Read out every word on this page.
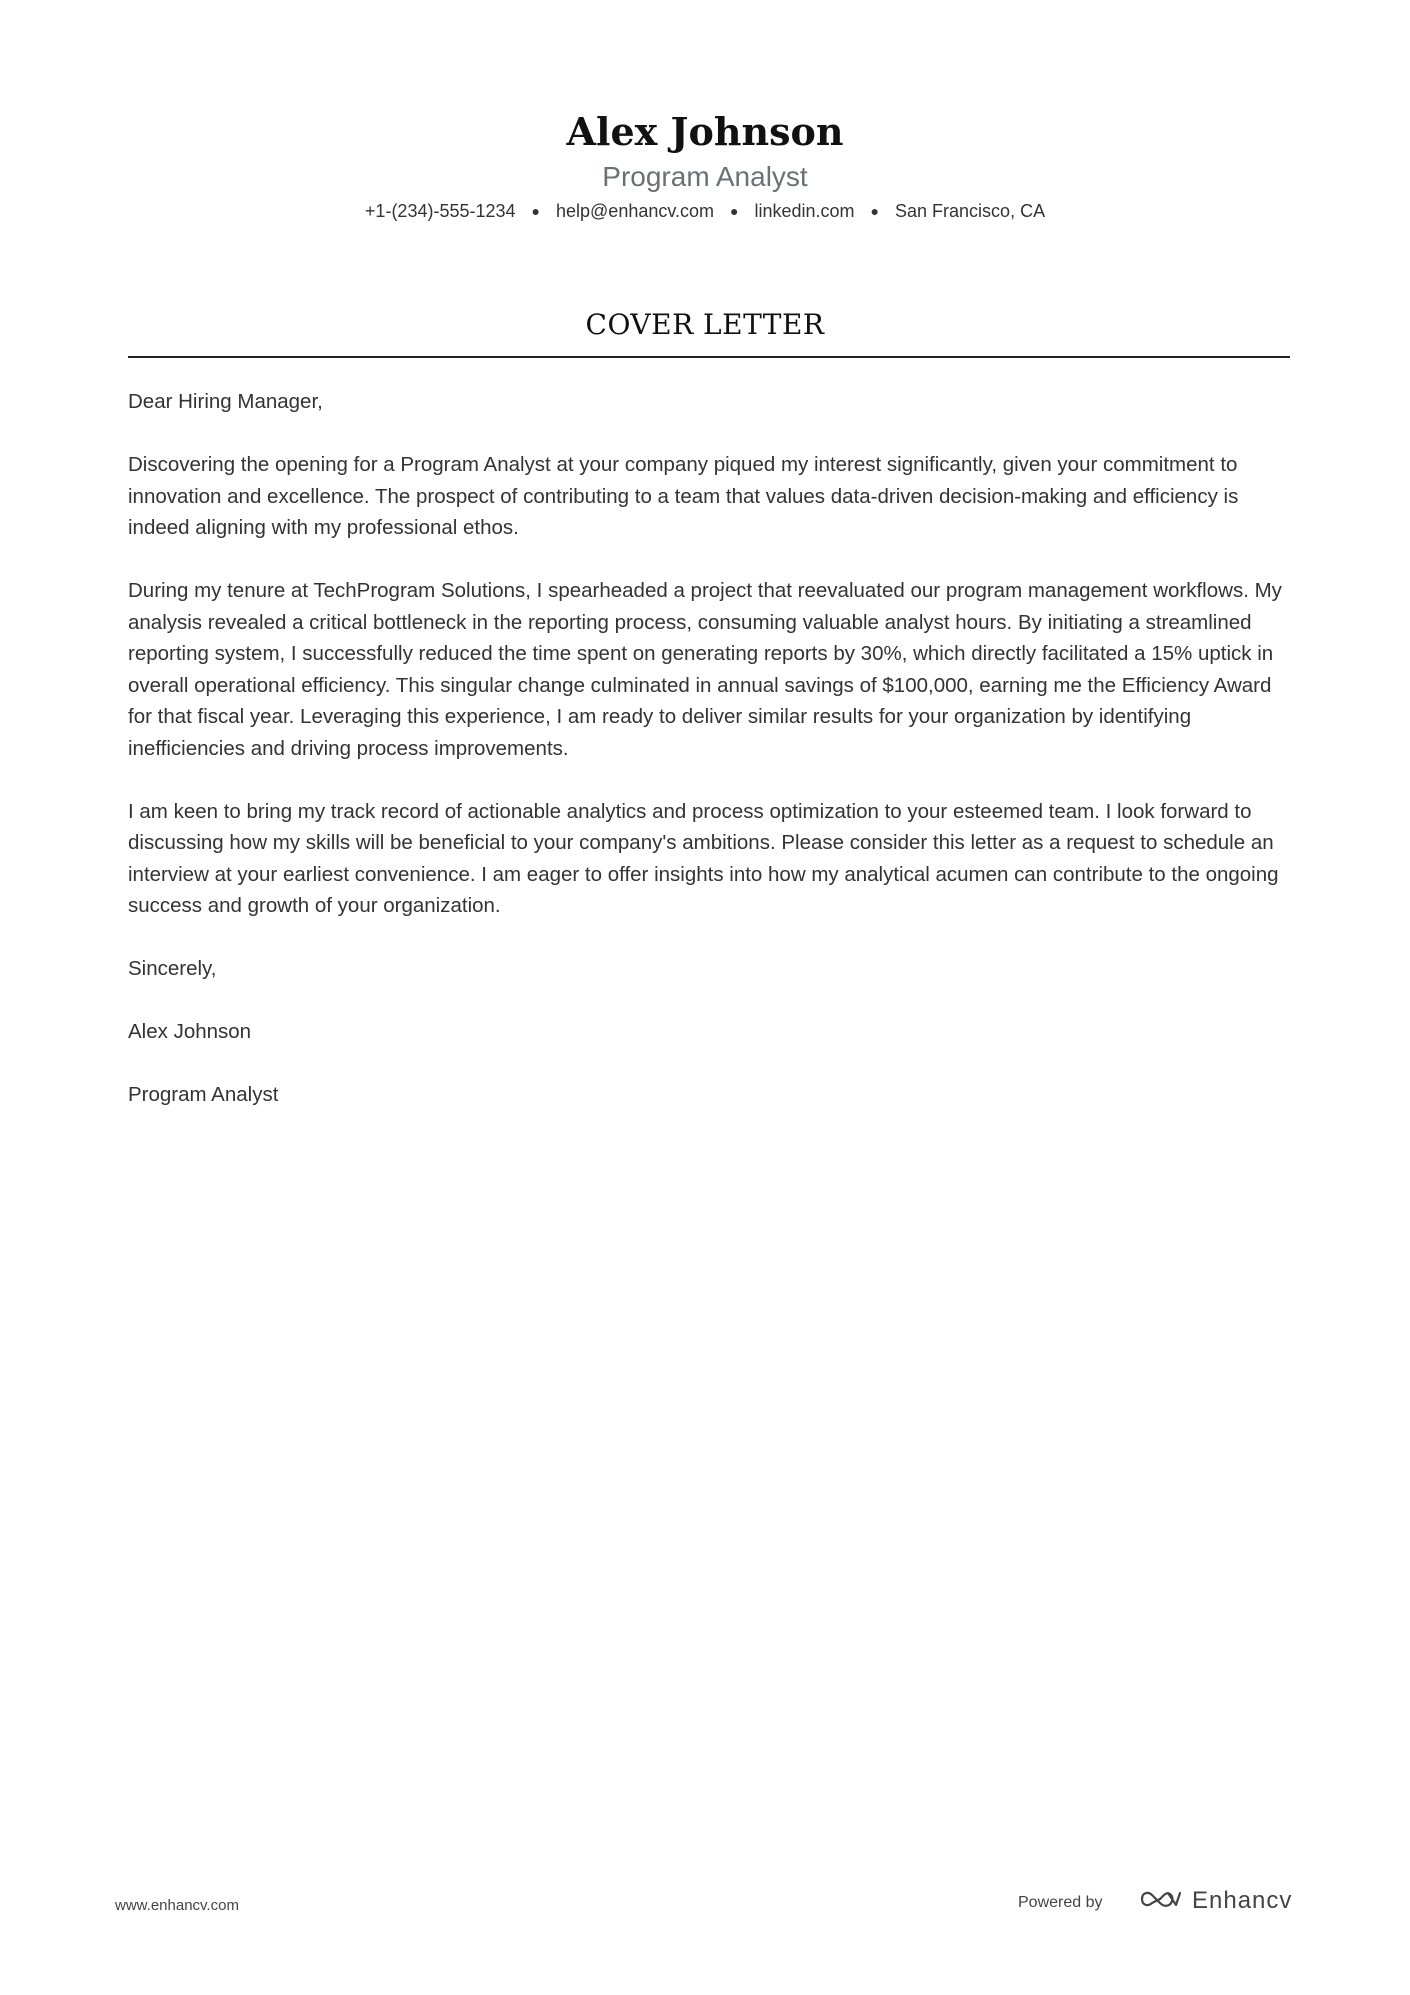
Alex Johnson
Program Analyst
+1-(234)-555-1234 ● help@enhancv.com ● linkedin.com ● San Francisco, CA
COVER LETTER

Dear Hiring Manager,

Discovering the opening for a Program Analyst at your company piqued my interest significantly, given your commitment to innovation and excellence. The prospect of contributing to a team that values data-driven decision-making and efficiency is indeed aligning with my professional ethos.

During my tenure at TechProgram Solutions, I spearheaded a project that reevaluated our program management workflows. My analysis revealed a critical bottleneck in the reporting process, consuming valuable analyst hours. By initiating a streamlined reporting system, I successfully reduced the time spent on generating reports by 30%, which directly facilitated a 15% uptick in overall operational efficiency. This singular change culminated in annual savings of $100,000, earning me the Efficiency Award for that fiscal year. Leveraging this experience, I am ready to deliver similar results for your organization by identifying inefficiencies and driving process improvements.

I am keen to bring my track record of actionable analytics and process optimization to your esteemed team. I look forward to discussing how my skills will be beneficial to your company's ambitions. Please consider this letter as a request to schedule an interview at your earliest convenience. I am eager to offer insights into how my analytical acumen can contribute to the ongoing success and growth of your organization.

Sincerely,

Alex Johnson

Program Analyst

www.enhancv.com	Powered by	Enhancv
